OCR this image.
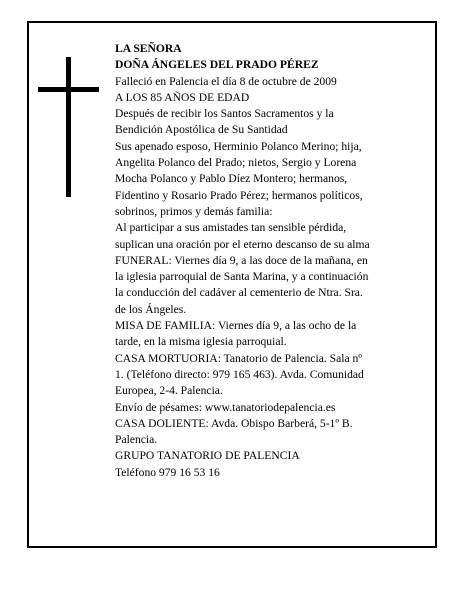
LA SEÑORA
DOÑA ÁNGELES DEL PRADO PÉREZ
Falleció en Palencia el día 8 de octubre de 2009
A LOS 85 AÑOS DE EDAD
Después de recibir los Santos Sacramentos y la
Bendición Apostólica de Su Santidad
Sus apenado esposo, Herminio Polanco Merino; hija,
Angelita Polanco del Prado; nietos, Sergio y Lorena
Mocha Polanco y Pablo Díez Montero; hermanos,
Fidentino y Rosario Prado Pérez; hermanos políticos,
sobrinos, primos y demás familia:
Al participar a sus amistades tan sensible pérdida,
suplican una oración por el eterno descanso de su alma
FUNERAL: Viernes día 9, a las doce de la mañana, en
la iglesia parroquial de Santa Marina, y a continuación
la conducción del cadáver al cementerio de Ntra. Sra.
de los Ángeles.
MISA DE FAMILIA: Viernes día 9, a las ocho de la
tarde, en la misma iglesia parroquial.
CASA MORTUORIA: Tanatorio de Palencia. Sala nº
1. (Teléfono directo: 979 165 463). Avda. Comunidad
Europea, 2-4. Palencia.
Envío de pésames: www.tanatoriodepalencia.es
CASA DOLIENTE: Avda. Obispo Barberá, 5-1º B.
Palencia.
GRUPO TANATORIO DE PALENCIA
Teléfono 979 16 53 16
